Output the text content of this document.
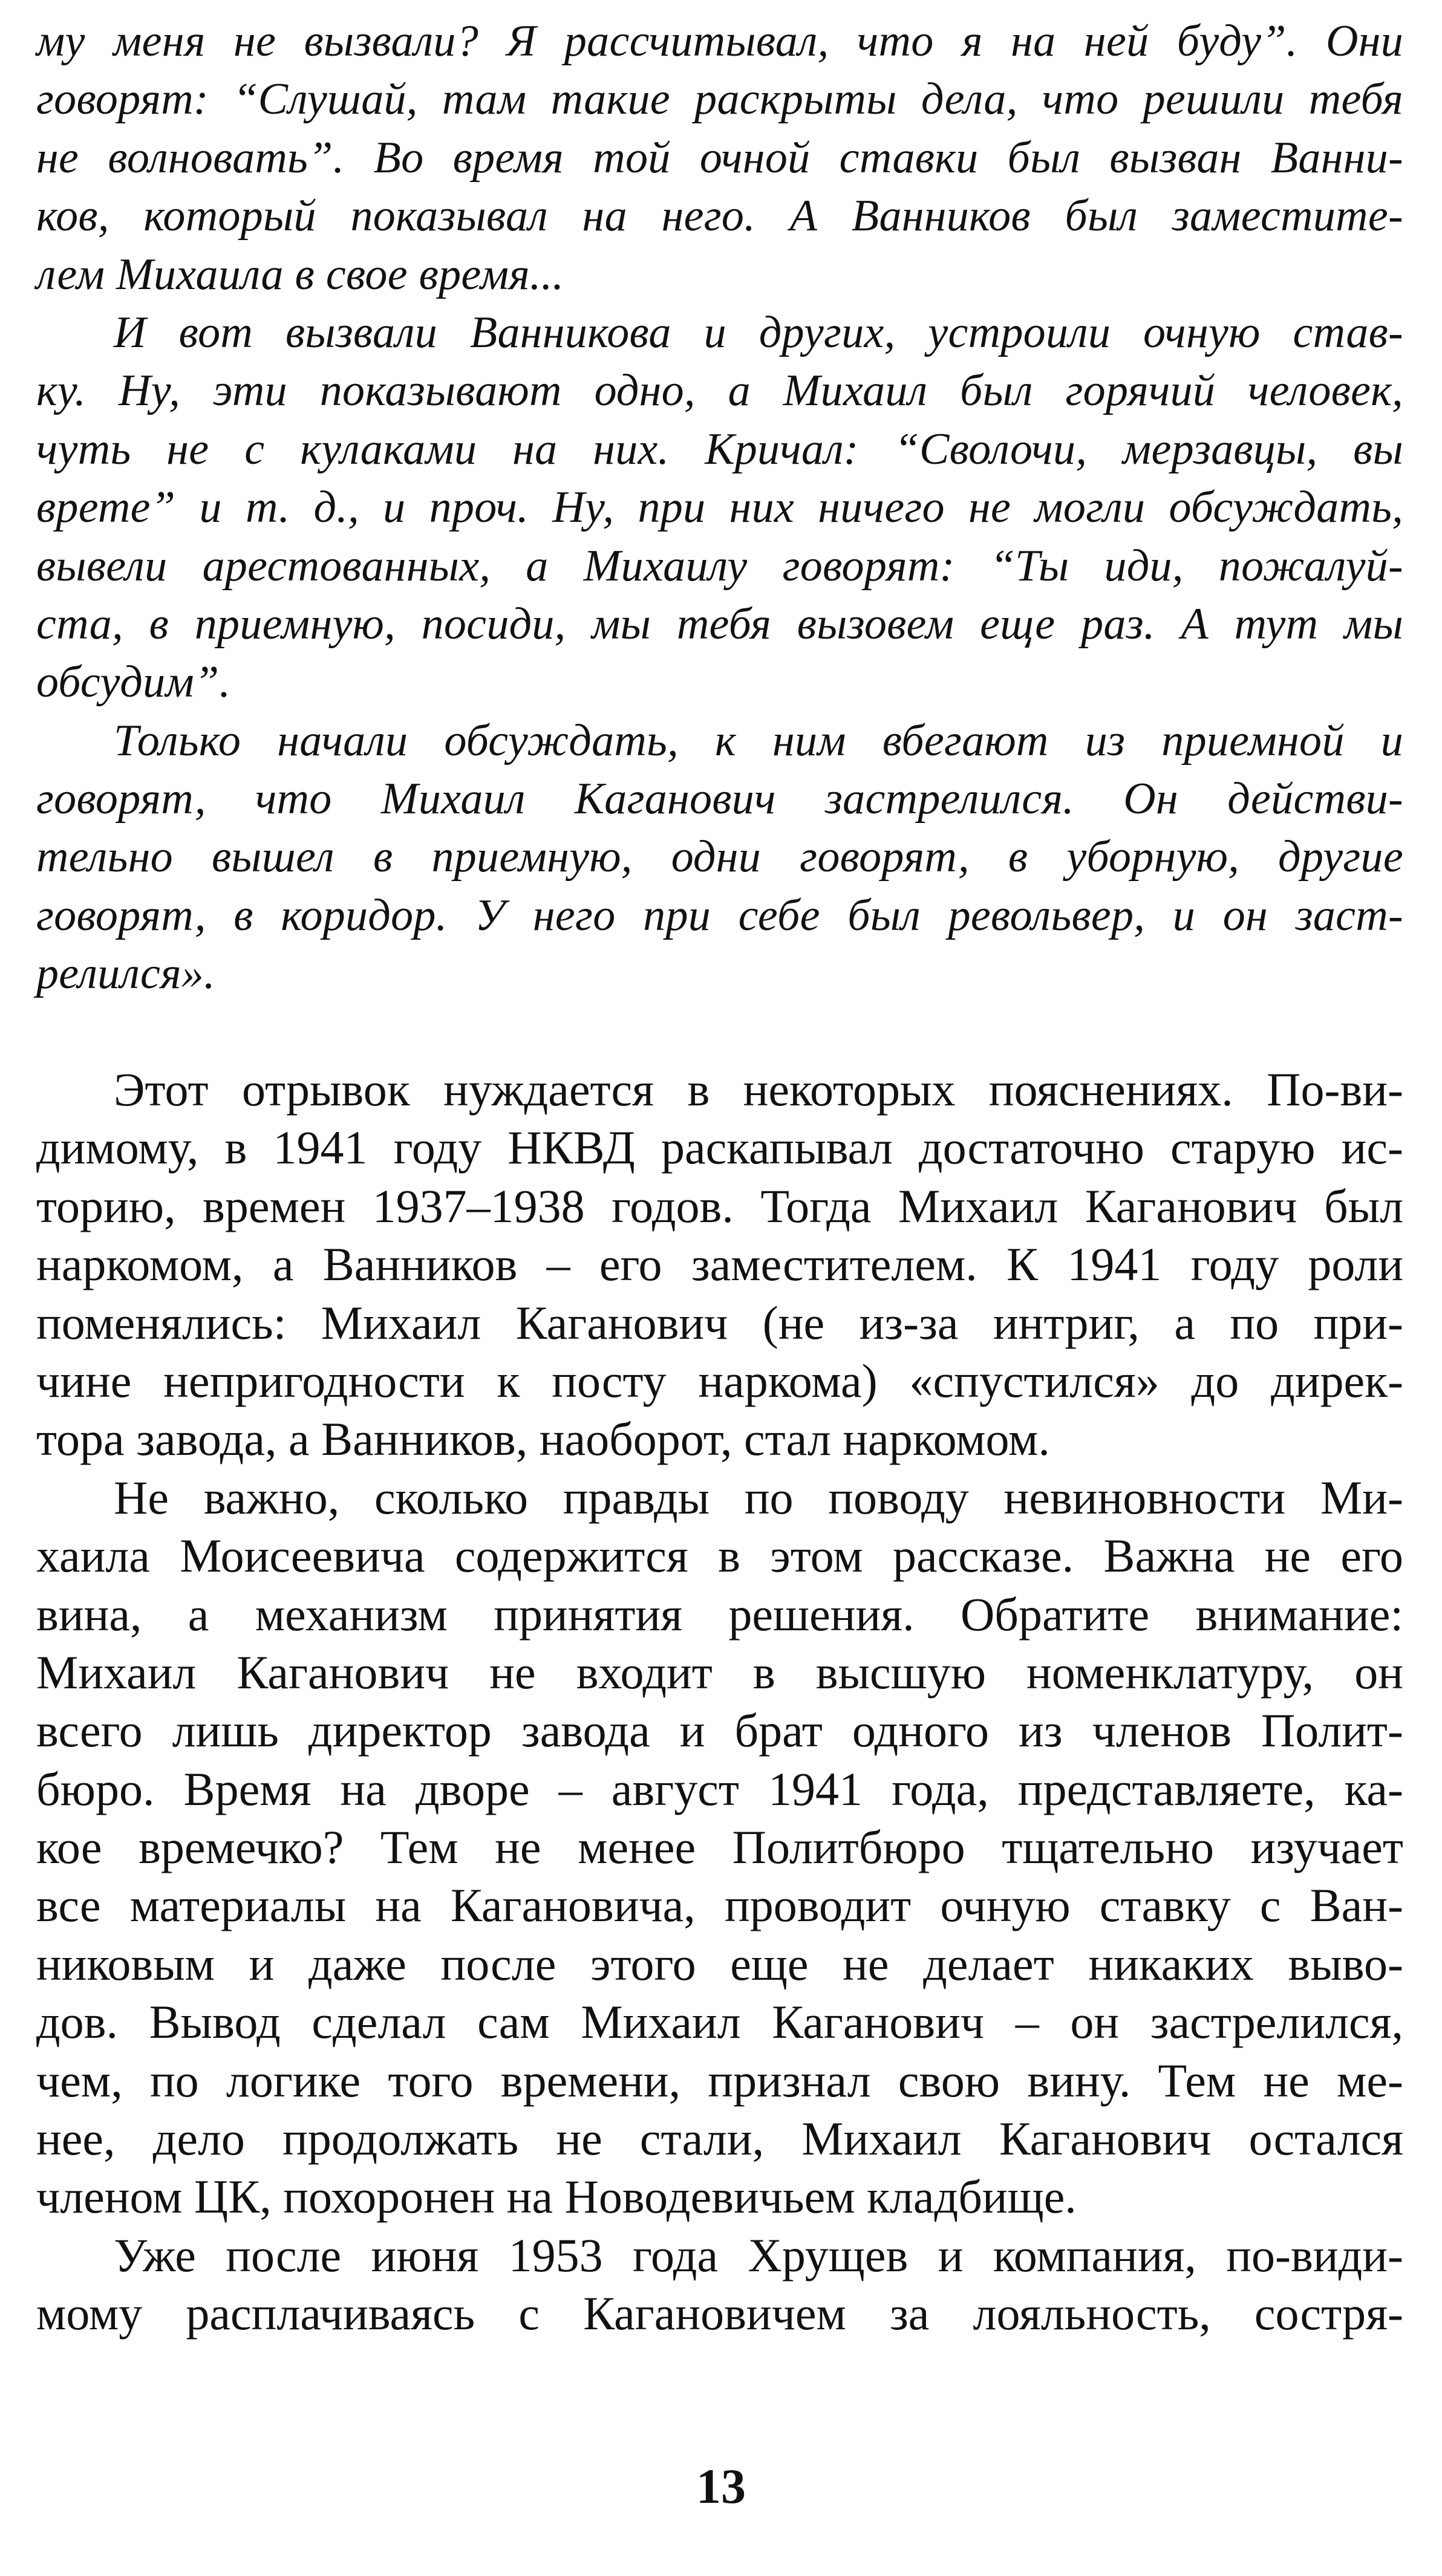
му меня не вызвали? Я рассчитывал, что я на ней буду”. Они
говорят: “Слушай, там такие раскрыты дела, что решили тебя
не волновать”. Во время той очной ставки был вызван Ванни-
ков, который показывал на него. А Ванников был заместите-
лем Михаила в свое время...
И вот вызвали Ванникова и других, устроили очную став-
ку. Ну, эти показывают одно, а Михаил был горячий человек,
чуть не с кулаками на них. Кричал: “Сволочи, мерзавцы, вы
врете” и т. д., и проч. Ну, при них ничего не могли обсуждать,
вывели арестованных, а Михаилу говорят: “Ты иди, пожалуй-
ста, в приемную, посиди, мы тебя вызовем еще раз. А тут мы
обсудим”.
Только начали обсуждать, к ним вбегают из приемной и
говорят, что Михаил Каганович застрелился. Он действи-
тельно вышел в приемную, одни говорят, в уборную, другие
говорят, в коридор. У него при себе был револьвер, и он заст-
релился».
Этот отрывок нуждается в некоторых пояснениях. По-ви-
димому, в 1941 году НКВД раскапывал достаточно старую ис-
торию, времен 1937–1938 годов. Тогда Михаил Каганович был
наркомом, а Ванников – его заместителем. К 1941 году роли
поменялись: Михаил Каганович (не из-за интриг, а по при-
чине непригодности к посту наркома) «спустился» до дирек-
тора завода, а Ванников, наоборот, стал наркомом.
Не важно, сколько правды по поводу невиновности Ми-
хаила Моисеевича содержится в этом рассказе. Важна не его
вина, а механизм принятия решения. Обратите внимание:
Михаил Каганович не входит в высшую номенклатуру, он
всего лишь директор завода и брат одного из членов Полит-
бюро. Время на дворе – август 1941 года, представляете, ка-
кое времечко? Тем не менее Политбюро тщательно изучает
все материалы на Кагановича, проводит очную ставку с Ван-
никовым и даже после этого еще не делает никаких выво-
дов. Вывод сделал сам Михаил Каганович – он застрелился,
чем, по логике того времени, признал свою вину. Тем не ме-
нее, дело продолжать не стали, Михаил Каганович остался
членом ЦК, похоронен на Новодевичьем кладбище.
Уже после июня 1953 года Хрущев и компания, по-види-
мому расплачиваясь с Кагановичем за лояльность, состря-
13
